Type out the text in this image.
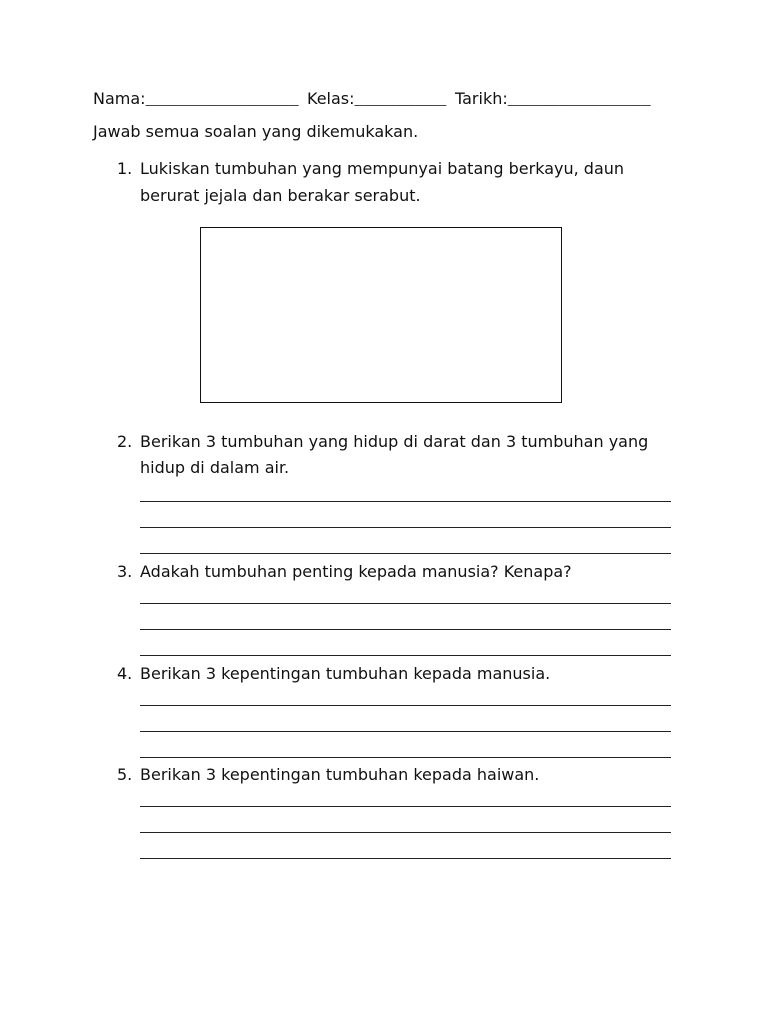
Nama:_______________ Kelas:_________ Tarikh:______________
Jawab semua soalan yang dikemukakan.
1. Lukiskan tumbuhan yang mempunyai batang berkayu, daun
berurat jejala dan berakar serabut.
2. Berikan 3 tumbuhan yang hidup di darat dan 3 tumbuhan yang
hidup di dalam air.
3. Adakah tumbuhan penting kepada manusia? Kenapa?
4. Berikan 3 kepentingan tumbuhan kepada manusia.
5. Berikan 3 kepentingan tumbuhan kepada haiwan.
